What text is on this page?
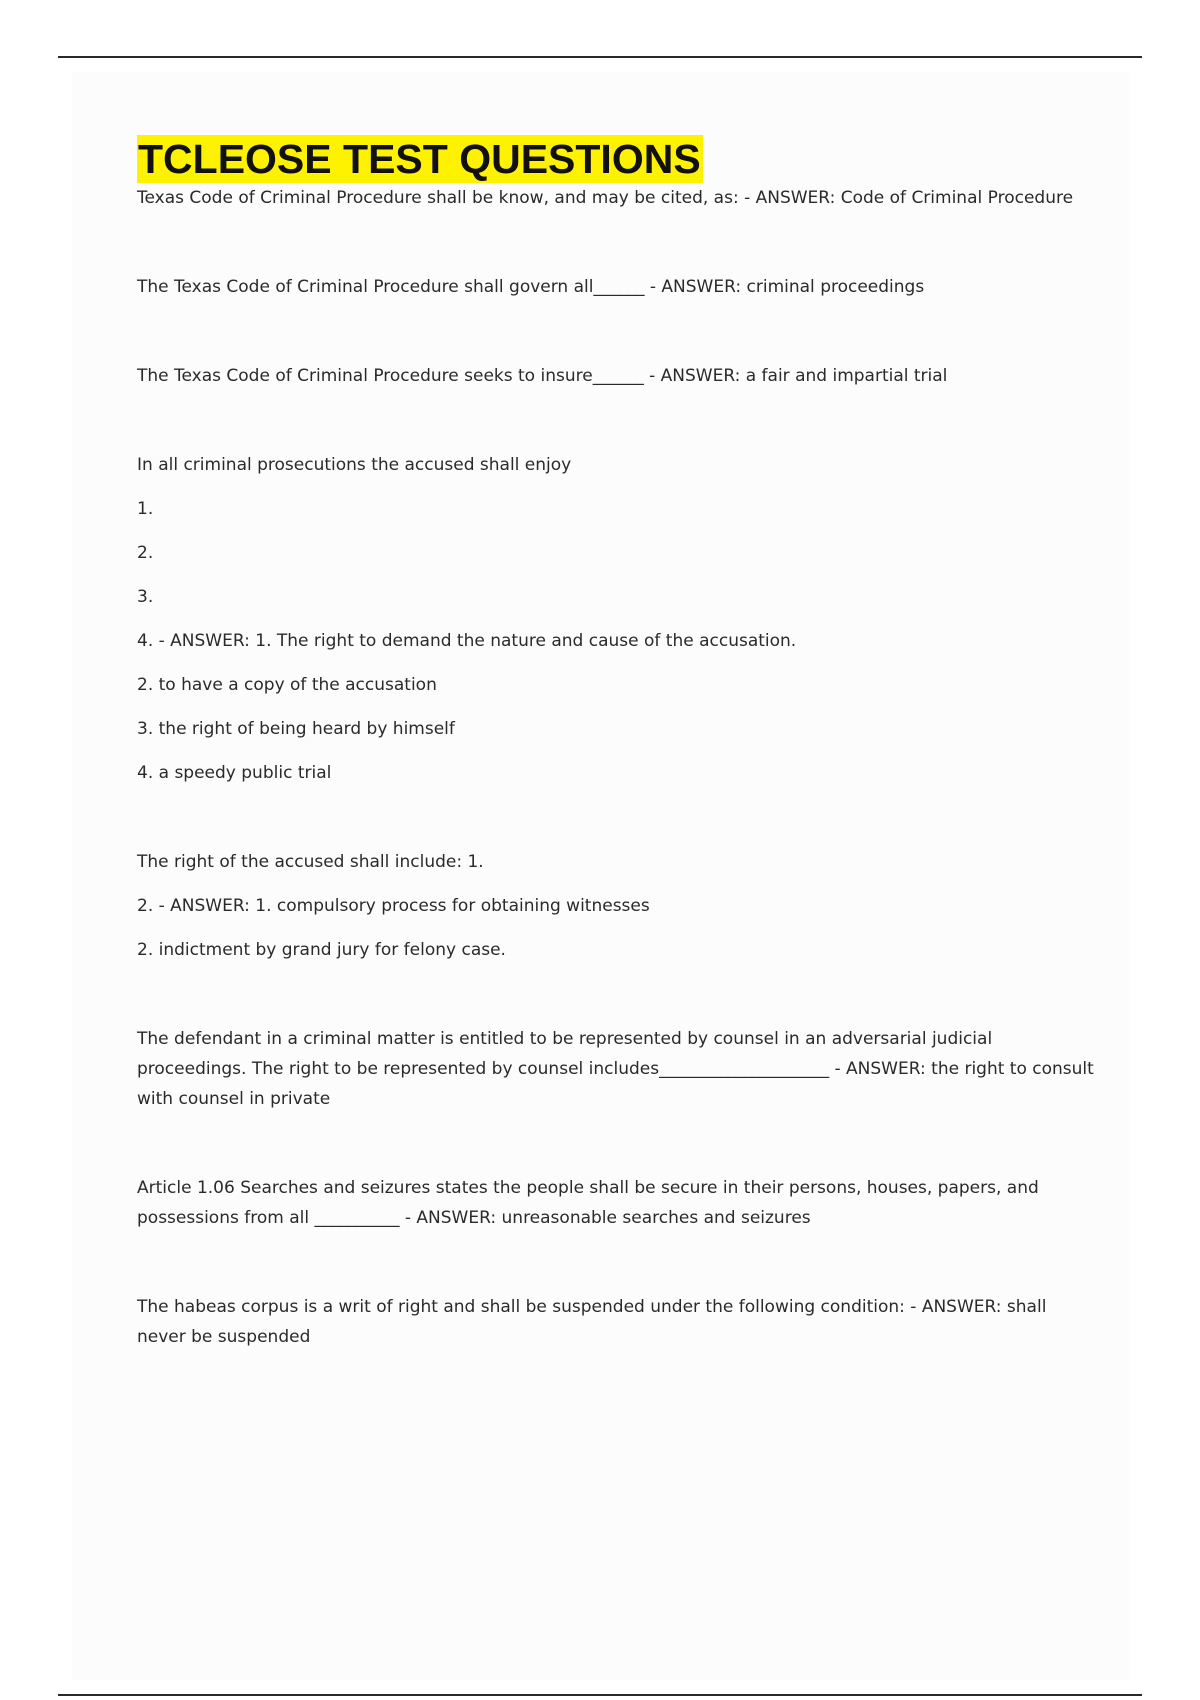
TCLEOSE TEST QUESTIONS

Texas Code of Criminal Procedure shall be know, and may be cited, as: - ANSWER: Code of Criminal Procedure

The Texas Code of Criminal Procedure shall govern all______ - ANSWER: criminal proceedings

The Texas Code of Criminal Procedure seeks to insure______ - ANSWER: a fair and impartial trial

In all criminal prosecutions the accused shall enjoy

1.

2.

3.

4. - ANSWER: 1. The right to demand the nature and cause of the accusation.

2. to have a copy of the accusation

3. the right of being heard by himself

4. a speedy public trial

The right of the accused shall include: 1.

2. - ANSWER: 1. compulsory process for obtaining witnesses

2. indictment by grand jury for felony case.

The defendant in a criminal matter is entitled to be represented by counsel in an adversarial judicial proceedings. The right to be represented by counsel includes____________________ - ANSWER: the right to consult with counsel in private

Article 1.06 Searches and seizures states the people shall be secure in their persons, houses, papers, and possessions from all __________ - ANSWER: unreasonable searches and seizures

The habeas corpus is a writ of right and shall be suspended under the following condition: - ANSWER: shall never be suspended
